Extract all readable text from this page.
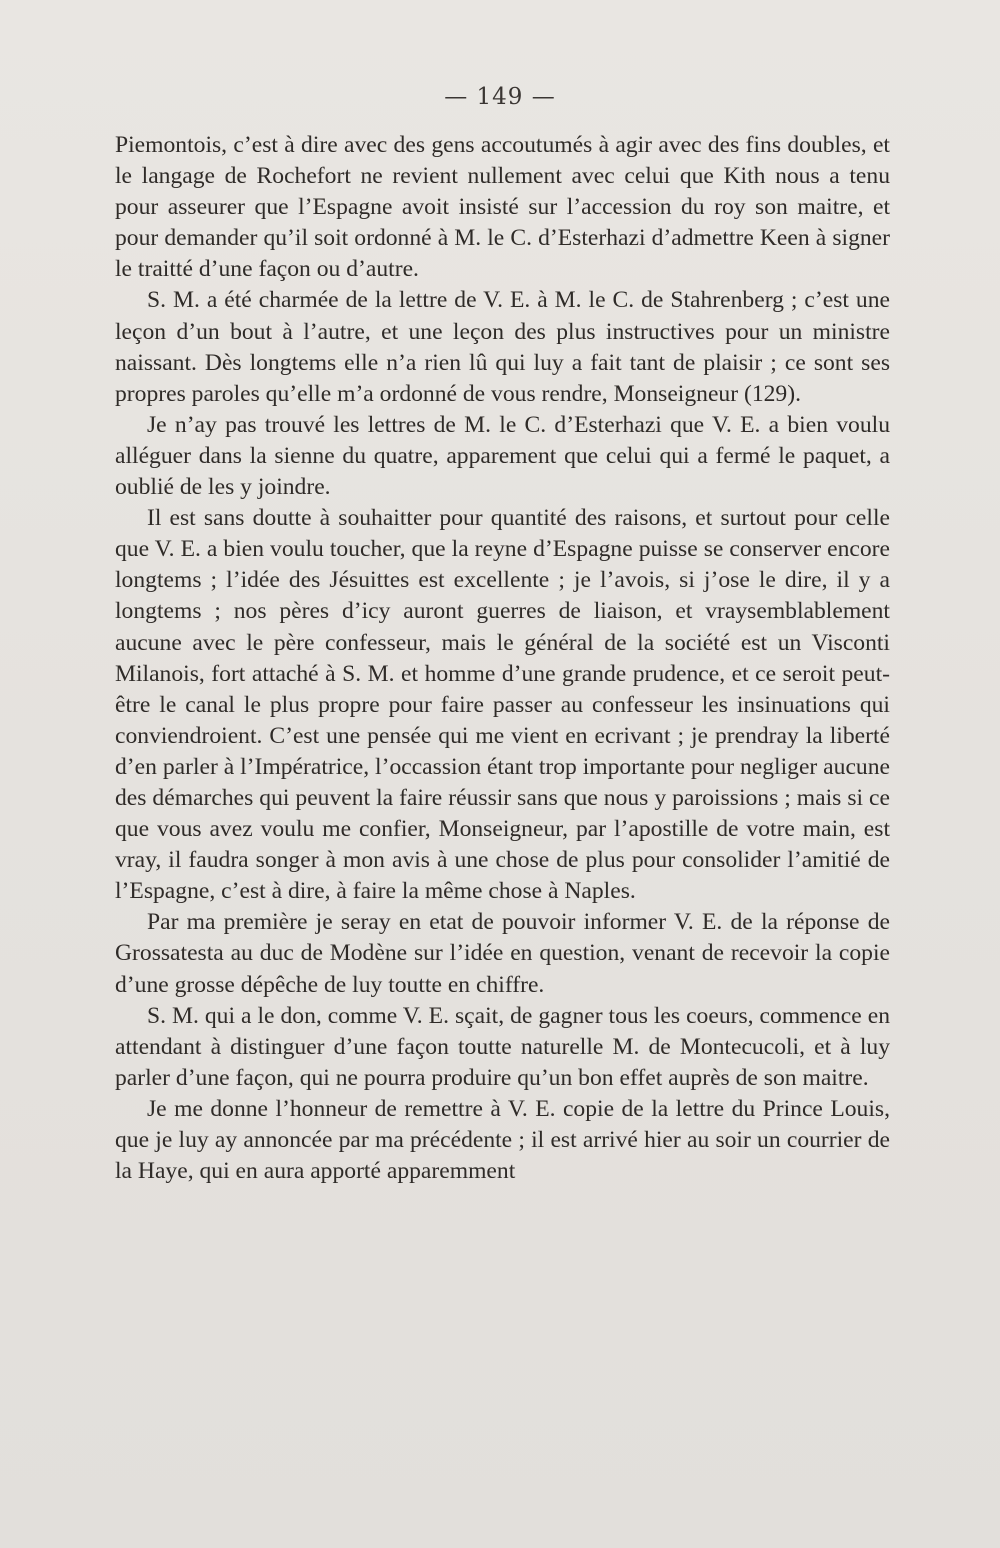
— 149 —

Piemontois, c’est à dire avec des gens accoutumés à agir avec des fins doubles, et le langage de Rochefort ne revient nullement avec celui que Kith nous a tenu pour asseurer que l’Espagne avoit insisté sur l’accession du roy son maitre, et pour demander qu’il soit ordonné à M. le C. d’Esterhazi d’admettre Keen à signer le traitté d’une façon ou d’autre.

S. M. a été charmée de la lettre de V. E. à M. le C. de Stahrenberg ; c’est une leçon d’un bout à l’autre, et une leçon des plus instructives pour un ministre naissant. Dès longtems elle n’a rien lû qui luy a fait tant de plaisir ; ce sont ses propres paroles qu’elle m’a ordonné de vous rendre, Monseigneur (129).

Je n’ay pas trouvé les lettres de M. le C. d’Esterhazi que V. E. a bien voulu alléguer dans la sienne du quatre, apparement que celui qui a fermé le paquet, a oublié de les y joindre.

Il est sans doutte à souhaitter pour quantité des raisons, et surtout pour celle que V. E. a bien voulu toucher, que la reyne d’Espagne puisse se conserver encore longtems ; l’idée des Jésuittes est excellente ; je l’avois, si j’ose le dire, il y a longtems ; nos pères d’icy auront guerres de liaison, et vraysemblablement aucune avec le père confesseur, mais le général de la société est un Visconti Milanois, fort attaché à S. M. et homme d’une grande prudence, et ce seroit peut-être le canal le plus propre pour faire passer au confesseur les insinuations qui conviendroient. C’est une pensée qui me vient en ecrivant ; je prendray la liberté d’en parler à l’Impératrice, l’occassion étant trop importante pour negliger aucune des démarches qui peuvent la faire réussir sans que nous y paroissions ; mais si ce que vous avez voulu me confier, Monseigneur, par l’apostille de votre main, est vray, il faudra songer à mon avis à une chose de plus pour consolider l’amitié de l’Espagne, c’est à dire, à faire la même chose à Naples.

Par ma première je seray en etat de pouvoir informer V. E. de la réponse de Grossatesta au duc de Modène sur l’idée en question, venant de recevoir la copie d’une grosse dépêche de luy toutte en chiffre.

S. M. qui a le don, comme V. E. sçait, de gagner tous les coeurs, commence en attendant à distinguer d’une façon toutte naturelle M. de Montecucoli, et à luy parler d’une façon, qui ne pourra produire qu’un bon effet auprès de son maitre.

Je me donne l’honneur de remettre à V. E. copie de la lettre du Prince Louis, que je luy ay annoncée par ma précédente ; il est arrivé hier au soir un courrier de la Haye, qui en aura apporté apparemment
